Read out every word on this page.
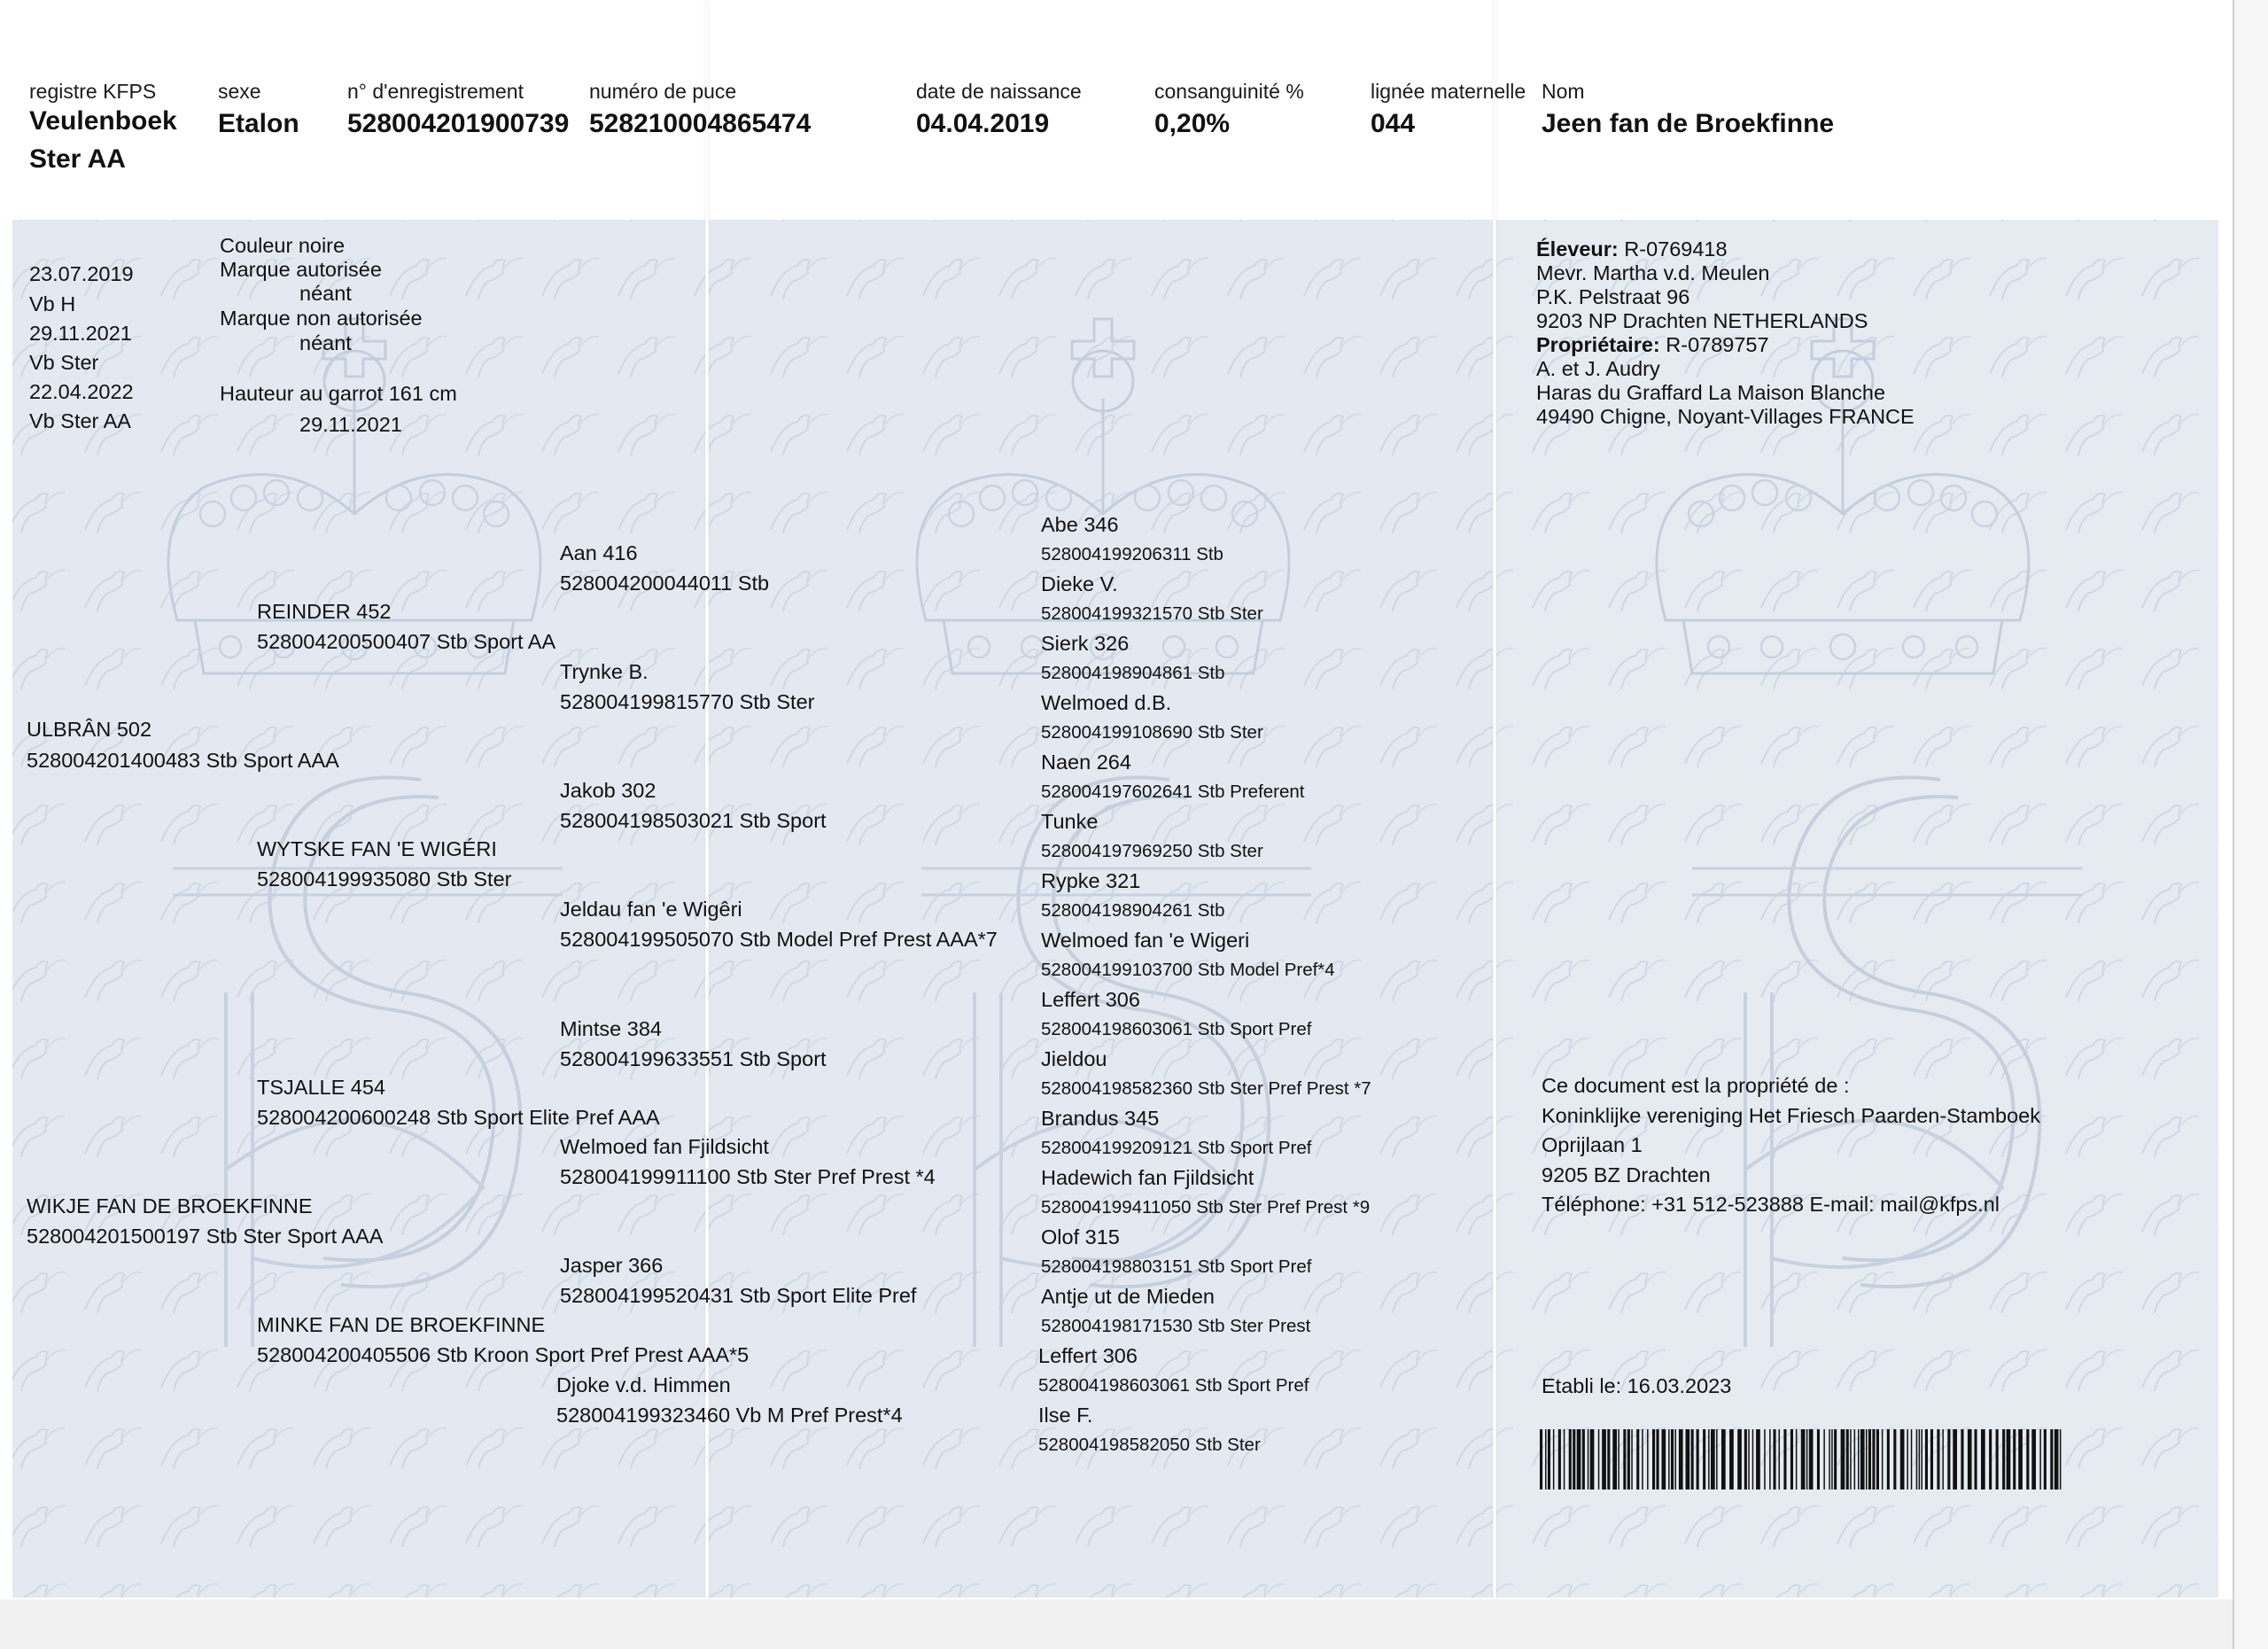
registre KFPS
Veulenboek
Ster AA
sexe
Etalon
n° d'enregistrement
528004201900739
numéro de puce
528210004865474
date de naissance
04.04.2019
consanguinité %
0,20%
lignée maternelle
044
Nom
Jeen fan de Broekfinne
23.07.2019
Vb H
29.11.2021
Vb Ster
22.04.2022
Vb Ster AA
Couleur noire
Marque autorisée
néant
Marque non autorisée
néant
Hauteur au garrot 161 cm
29.11.2021
Éleveur: R-0769418
Mevr. Martha v.d. Meulen
P.K. Pelstraat 96
9203 NP Drachten NETHERLANDS
Propriétaire: R-0789757
A. et J. Audry
Haras du Graffard La Maison Blanche
49490 Chigne, Noyant-Villages FRANCE
ULBRÂN 502
528004201400483 Stb Sport AAA
WIKJE FAN DE BROEKFINNE
528004201500197 Stb Ster Sport AAA
REINDER 452
528004200500407 Stb Sport AA
WYTSKE FAN 'E WIGÉRI
528004199935080 Stb Ster
TSJALLE 454
528004200600248 Stb Sport Elite Pref AAA
MINKE FAN DE BROEKFINNE
528004200405506 Stb Kroon Sport Pref Prest AAA*5
Aan 416
528004200044011 Stb
Trynke B.
528004199815770 Stb Ster
Jakob 302
528004198503021 Stb Sport
Jeldau fan 'e Wigêri
528004199505070 Stb Model Pref Prest AAA*7
Mintse 384
528004199633551 Stb Sport
Welmoed fan Fjildsicht
528004199911100 Stb Ster Pref Prest *4
Jasper 366
528004199520431 Stb Sport Elite Pref
Djoke v.d. Himmen
528004199323460 Vb M Pref Prest*4
Abe 346
528004199206311 Stb
Dieke V.
528004199321570 Stb Ster
Sierk 326
528004198904861 Stb
Welmoed d.B.
528004199108690 Stb Ster
Naen 264
528004197602641 Stb Preferent
Tunke
528004197969250 Stb Ster
Rypke 321
528004198904261 Stb
Welmoed fan 'e Wigeri
528004199103700 Stb Model Pref*4
Leffert 306
528004198603061 Stb Sport Pref
Jieldou
528004198582360 Stb Ster Pref Prest *7
Brandus 345
528004199209121 Stb Sport Pref
Hadewich fan Fjildsicht
528004199411050 Stb Ster Pref Prest *9
Olof 315
528004198803151 Stb Sport Pref
Antje ut de Mieden
528004198171530 Stb Ster Prest
Leffert 306
528004198603061 Stb Sport Pref
Ilse F.
528004198582050 Stb Ster
Ce document est la propriété de :
Koninklijke vereniging Het Friesch Paarden-Stamboek
Oprijlaan 1
9205 BZ Drachten
Téléphone: +31 512-523888 E-mail: mail@kfps.nl
Etabli le: 16.03.2023
